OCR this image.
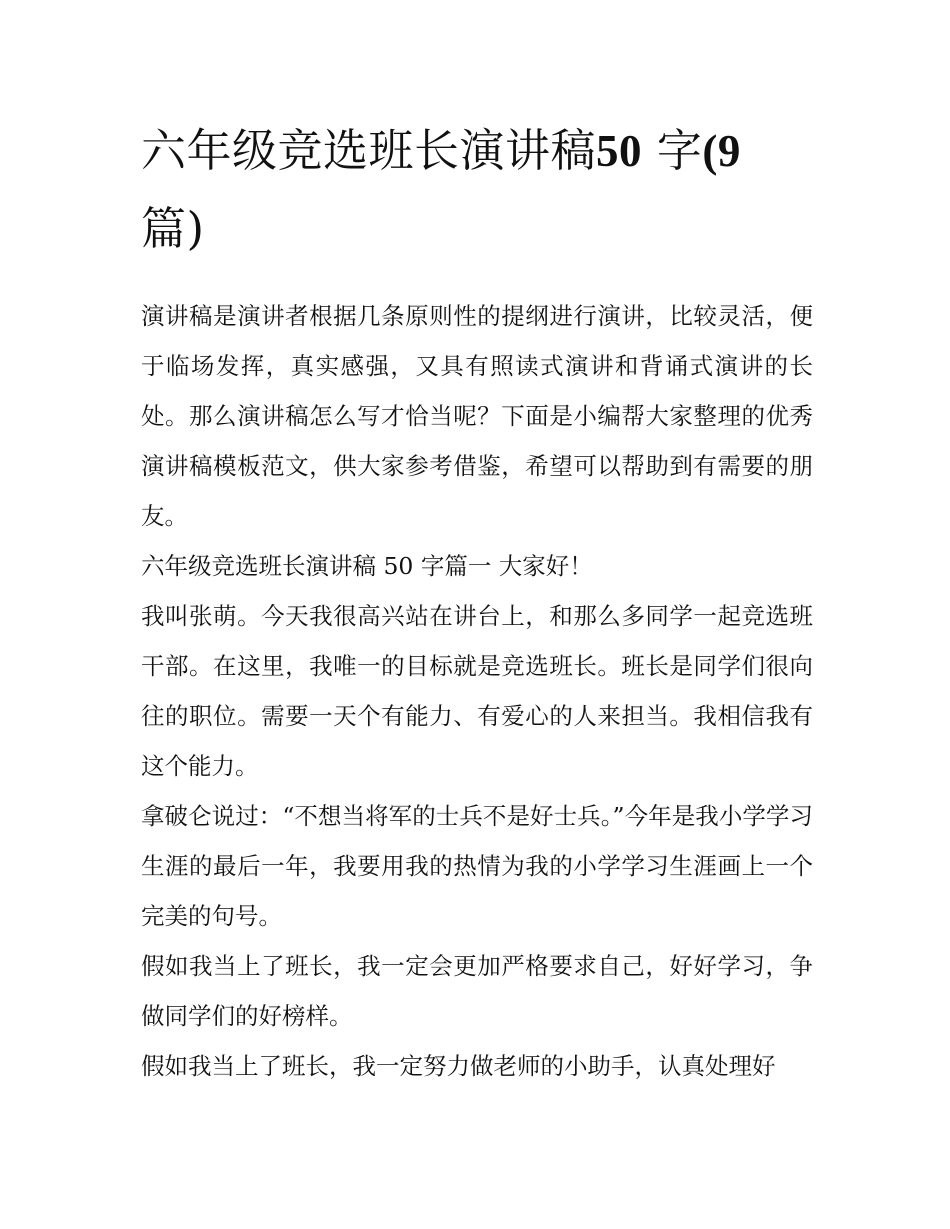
六年级竞选班长演讲稿50 字(9
篇)

演讲稿是演讲者根据几条原则性的提纲进行演讲，比较灵活，便于临场发挥，真实感强，又具有照读式演讲和背诵式演讲的长处。那么演讲稿怎么写才恰当呢？下面是小编帮大家整理的优秀演讲稿模板范文，供大家参考借鉴，希望可以帮助到有需要的朋友。

六年级竞选班长演讲稿 50 字篇一 大家好！

我叫张萌。今天我很高兴站在讲台上，和那么多同学一起竞选班干部。在这里，我唯一的目标就是竞选班长。班长是同学们很向往的职位。需要一天个有能力、有爱心的人来担当。我相信我有这个能力。

拿破仑说过：“不想当将军的士兵不是好士兵。”今年是我小学学习生涯的最后一年，我要用我的热情为我的小学学习生涯画上一个完美的句号。

假如我当上了班长，我一定会更加严格要求自己，好好学习，争做同学们的好榜样。

假如我当上了班长，我一定努力做老师的小助手，认真处理好
